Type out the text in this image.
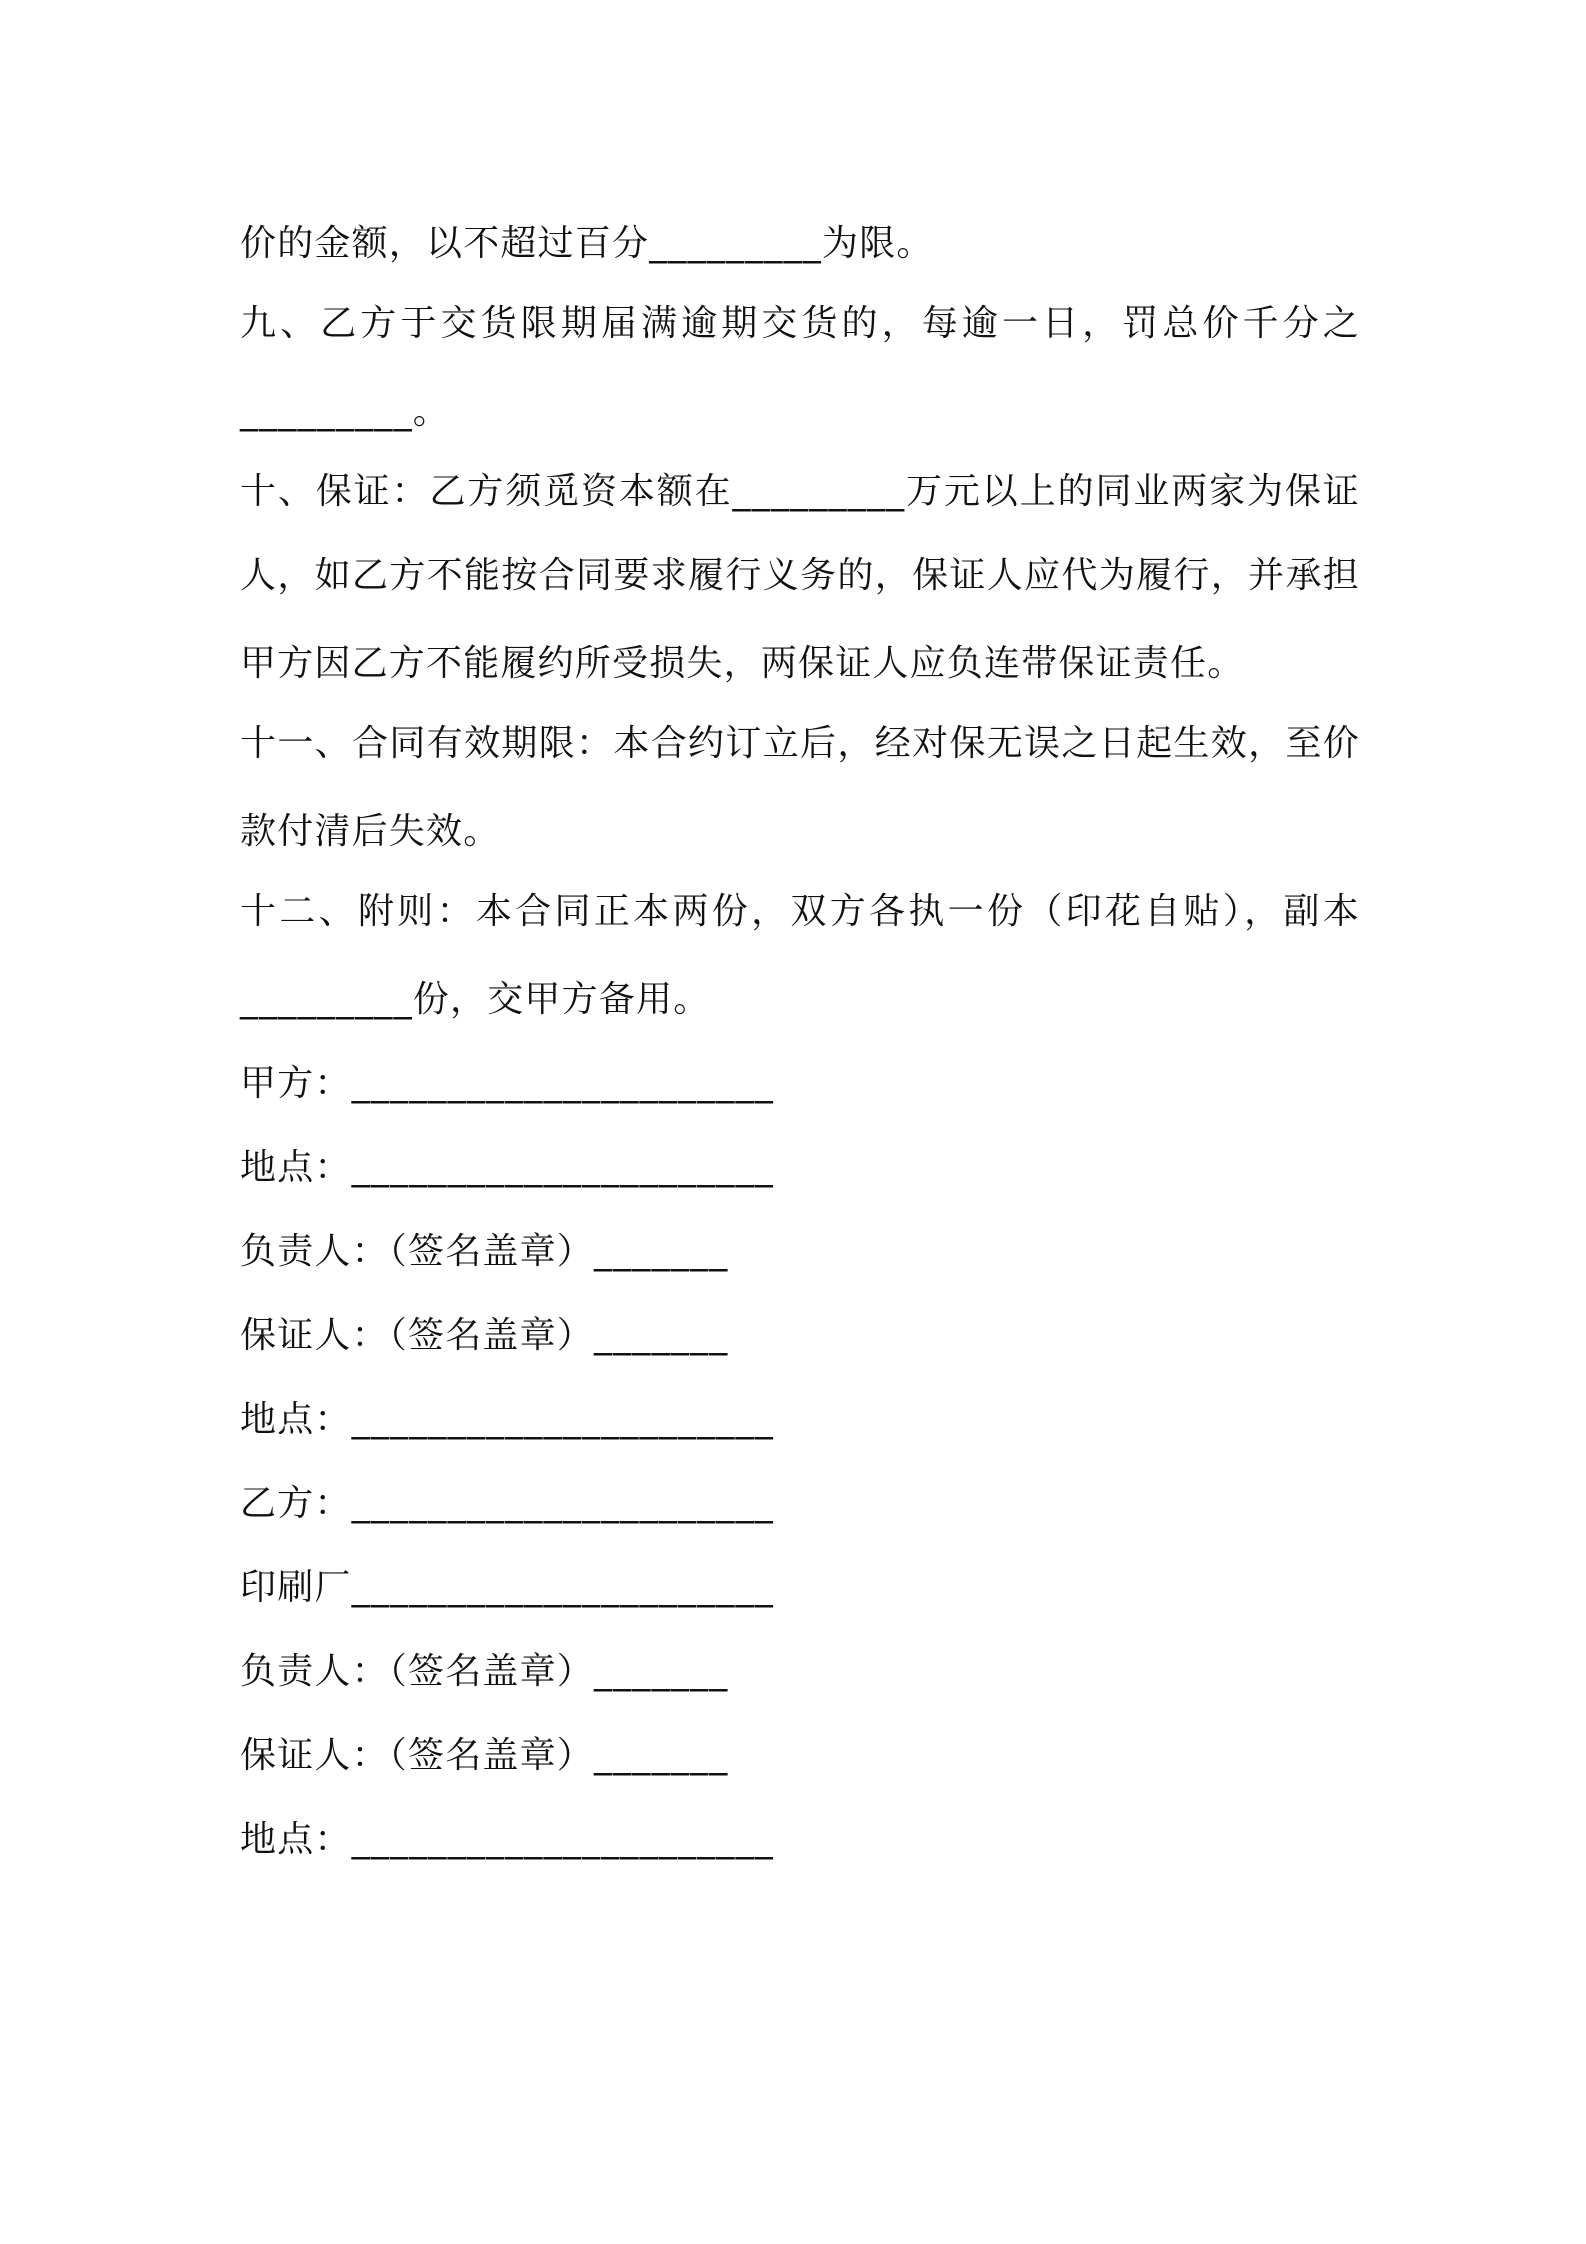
价的金额，以不超过百分_________为限。
九、乙方于交货限期届满逾期交货的，每逾一日，罚总价千分之
_________。
十、保证：乙方须觅资本额在_________万元以上的同业两家为保证
人，如乙方不能按合同要求履行义务的，保证人应代为履行，并承担
甲方因乙方不能履约所受损失，两保证人应负连带保证责任。
十一、合同有效期限：本合约订立后，经对保无误之日起生效，至价
款付清后失效。
十二、附则：本合同正本两份，双方各执一份（印花自贴），副本
_________份，交甲方备用。
甲方：______________________
地点：______________________
负责人：（签名盖章）_______
保证人：（签名盖章）_______
地点：______________________
乙方：______________________
印刷厂______________________
负责人：（签名盖章）_______
保证人：（签名盖章）_______
地点：______________________
